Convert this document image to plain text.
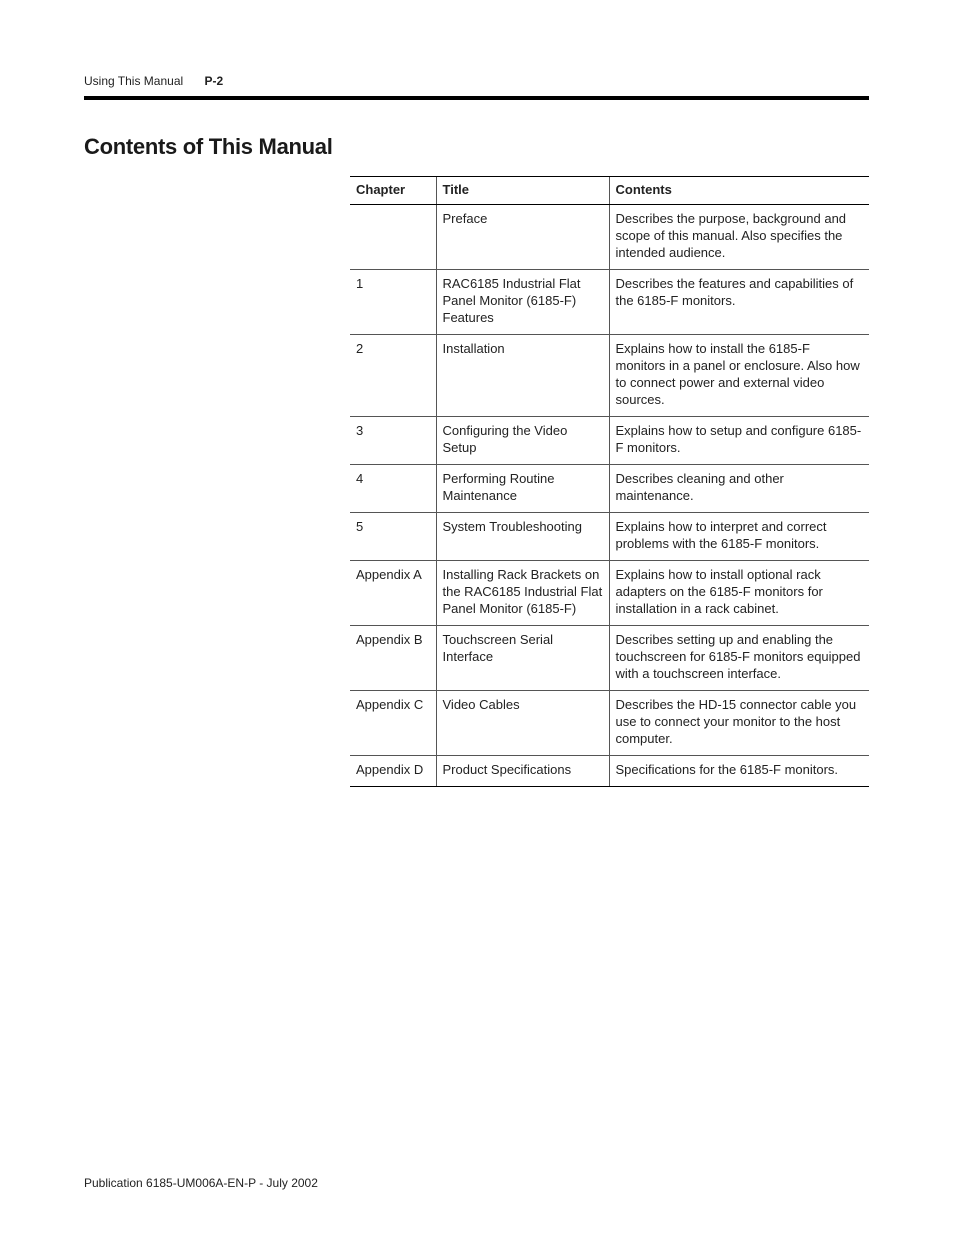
Using This Manual P-2
Contents of This Manual
Chapter	Title	Contents
	Preface	Describes the purpose, background and scope of this manual. Also specifies the intended audience.
1	RAC6185 Industrial Flat Panel Monitor (6185-F) Features	Describes the features and capabilities of the 6185-F monitors.
2	Installation	Explains how to install the 6185-F monitors in a panel or enclosure. Also how to connect power and external video sources.
3	Configuring the Video Setup	Explains how to setup and configure 6185-F monitors.
4	Performing Routine Maintenance	Describes cleaning and other maintenance.
5	System Troubleshooting	Explains how to interpret and correct problems with the 6185-F monitors.
Appendix A	Installing Rack Brackets on the RAC6185 Industrial Flat Panel Monitor (6185-F)	Explains how to install optional rack adapters on the 6185-F monitors for installation in a rack cabinet.
Appendix B	Touchscreen Serial Interface	Describes setting up and enabling the touchscreen for 6185-F monitors equipped with a touchscreen interface.
Appendix C	Video Cables	Describes the HD-15 connector cable you use to connect your monitor to the host computer.
Appendix D	Product Specifications	Specifications for the 6185-F monitors.
Publication 6185-UM006A-EN-P - July 2002
